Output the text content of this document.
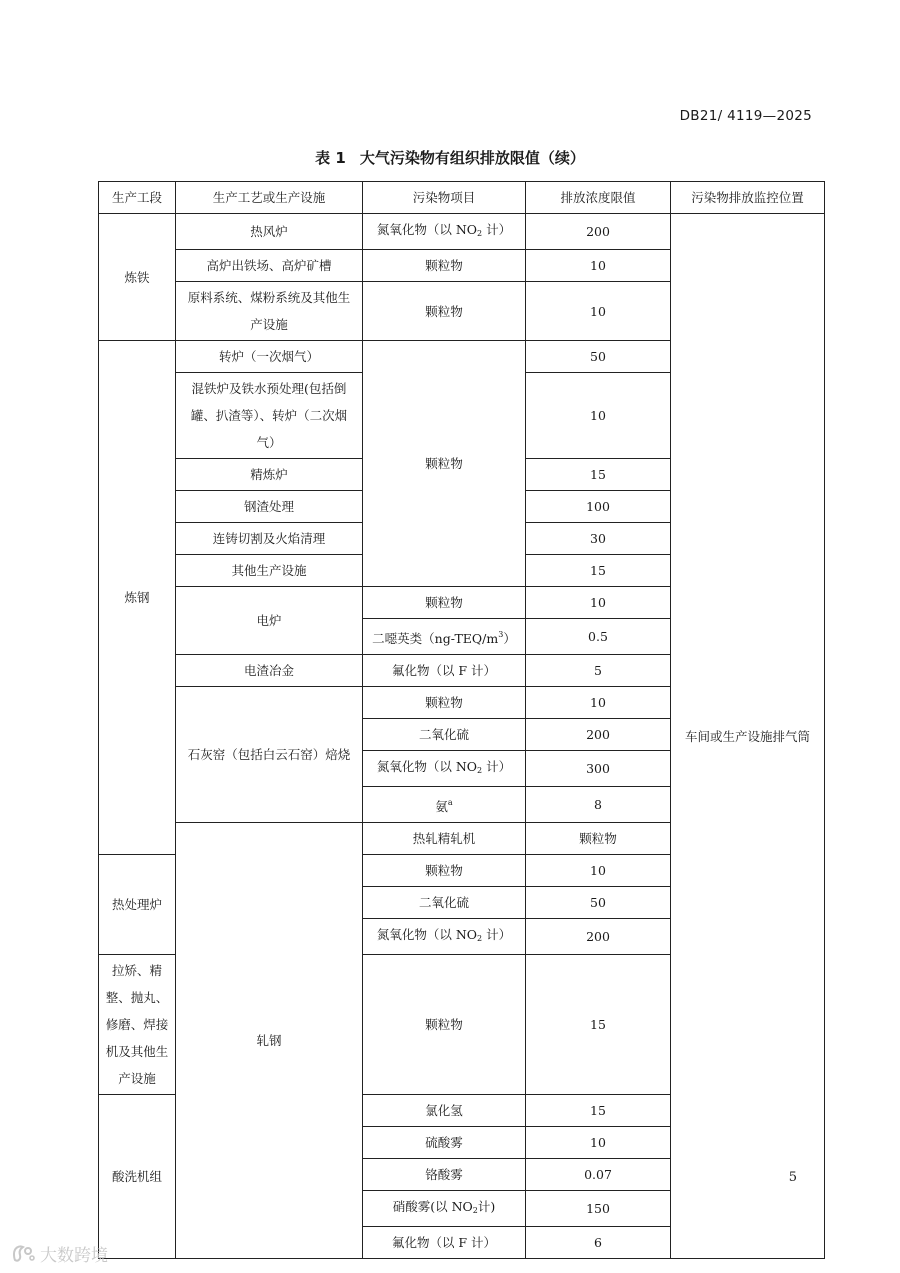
DB21/ 4119—2025
表 1 大气污染物有组织排放限值（续）
生产工段	生产工艺或生产设施	污染物项目	排放浓度限值	污染物排放监控位置	
炼铁	热风炉	氮氧化物（以 $NO_2$ 计）	200	车间或生产设施排气筒	
	高炉出铁场、高炉矿槽	颗粒物	10		
	原料系统、煤粉系统及其他生产设施	颗粒物	10		
炼钢	转炉（一次烟气）	颗粒物	50		
	混铁炉及铁水预处理(包括倒罐、扒渣等）、转炉（二次烟气）		10		
	精炼炉		15		
	钢渣处理		100		
	连铸切割及火焰清理		30		
	其他生产设施		15		
	电炉	颗粒物	10		
		二噁英类$(ng-TEQ/m^3)$	0.5		
	电渣冶金	氟化物（以 F 计）	5		
	石灰窑（包括白云石窑）焙烧	颗粒物	10		
		二氧化硫	200		
		氮氧化物（以 $NO_2$ 计）	300		
		氨$^a$	8		
	轧钢	热轧精轧机	颗粒物	
热处理炉		颗粒物	10		
		二氧化硫	50		
		氮氧化物（以 $NO_2$ 计）	200		
拉矫、精整、抛丸、修磨、焊接机及其他生产设施		颗粒物	15		
酸洗机组		氯化氢	15		
		硫酸雾	10		
		铬酸雾	0.07		
		硝酸雾(以 $NO_2$计)	150		
		氟化物（以 F 计）	6		
5
大数跨境
